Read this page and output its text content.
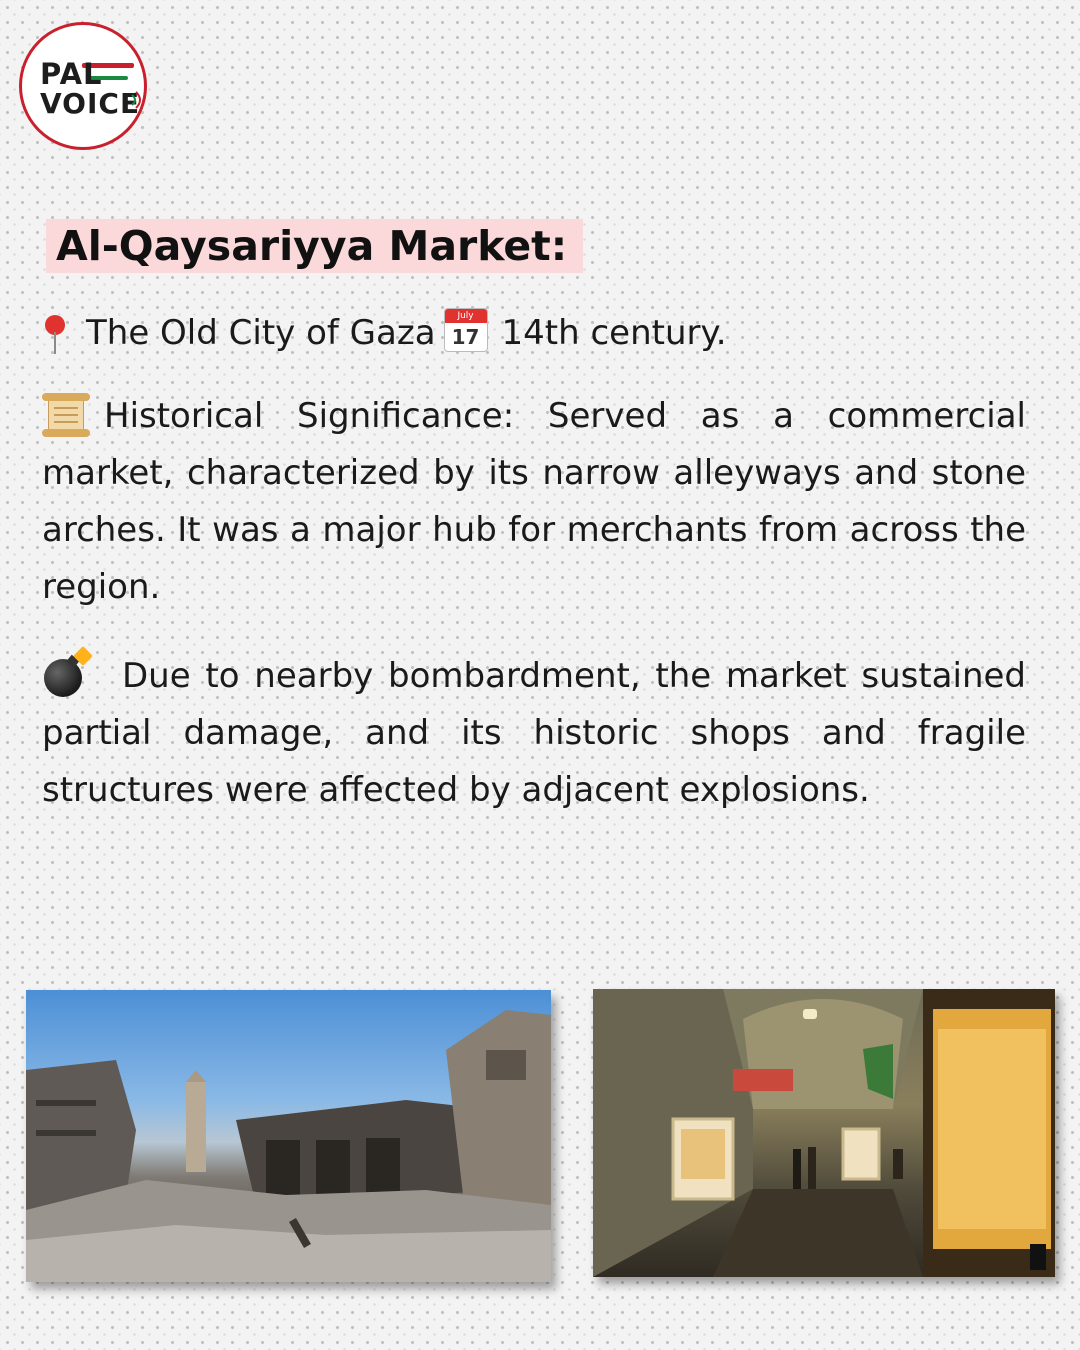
PAL
VOICE
Al-Qaysariyya Market:
The Old City of Gaza	July
17 14th century.
Historical Significance: Served as a commercial market, characterized by its narrow alleyways and stone arches. It was a major hub for merchants from across the region.
Due to nearby bombardment, the market sustained partial damage, and its historic shops and fragile structures were affected by adjacent explosions.
